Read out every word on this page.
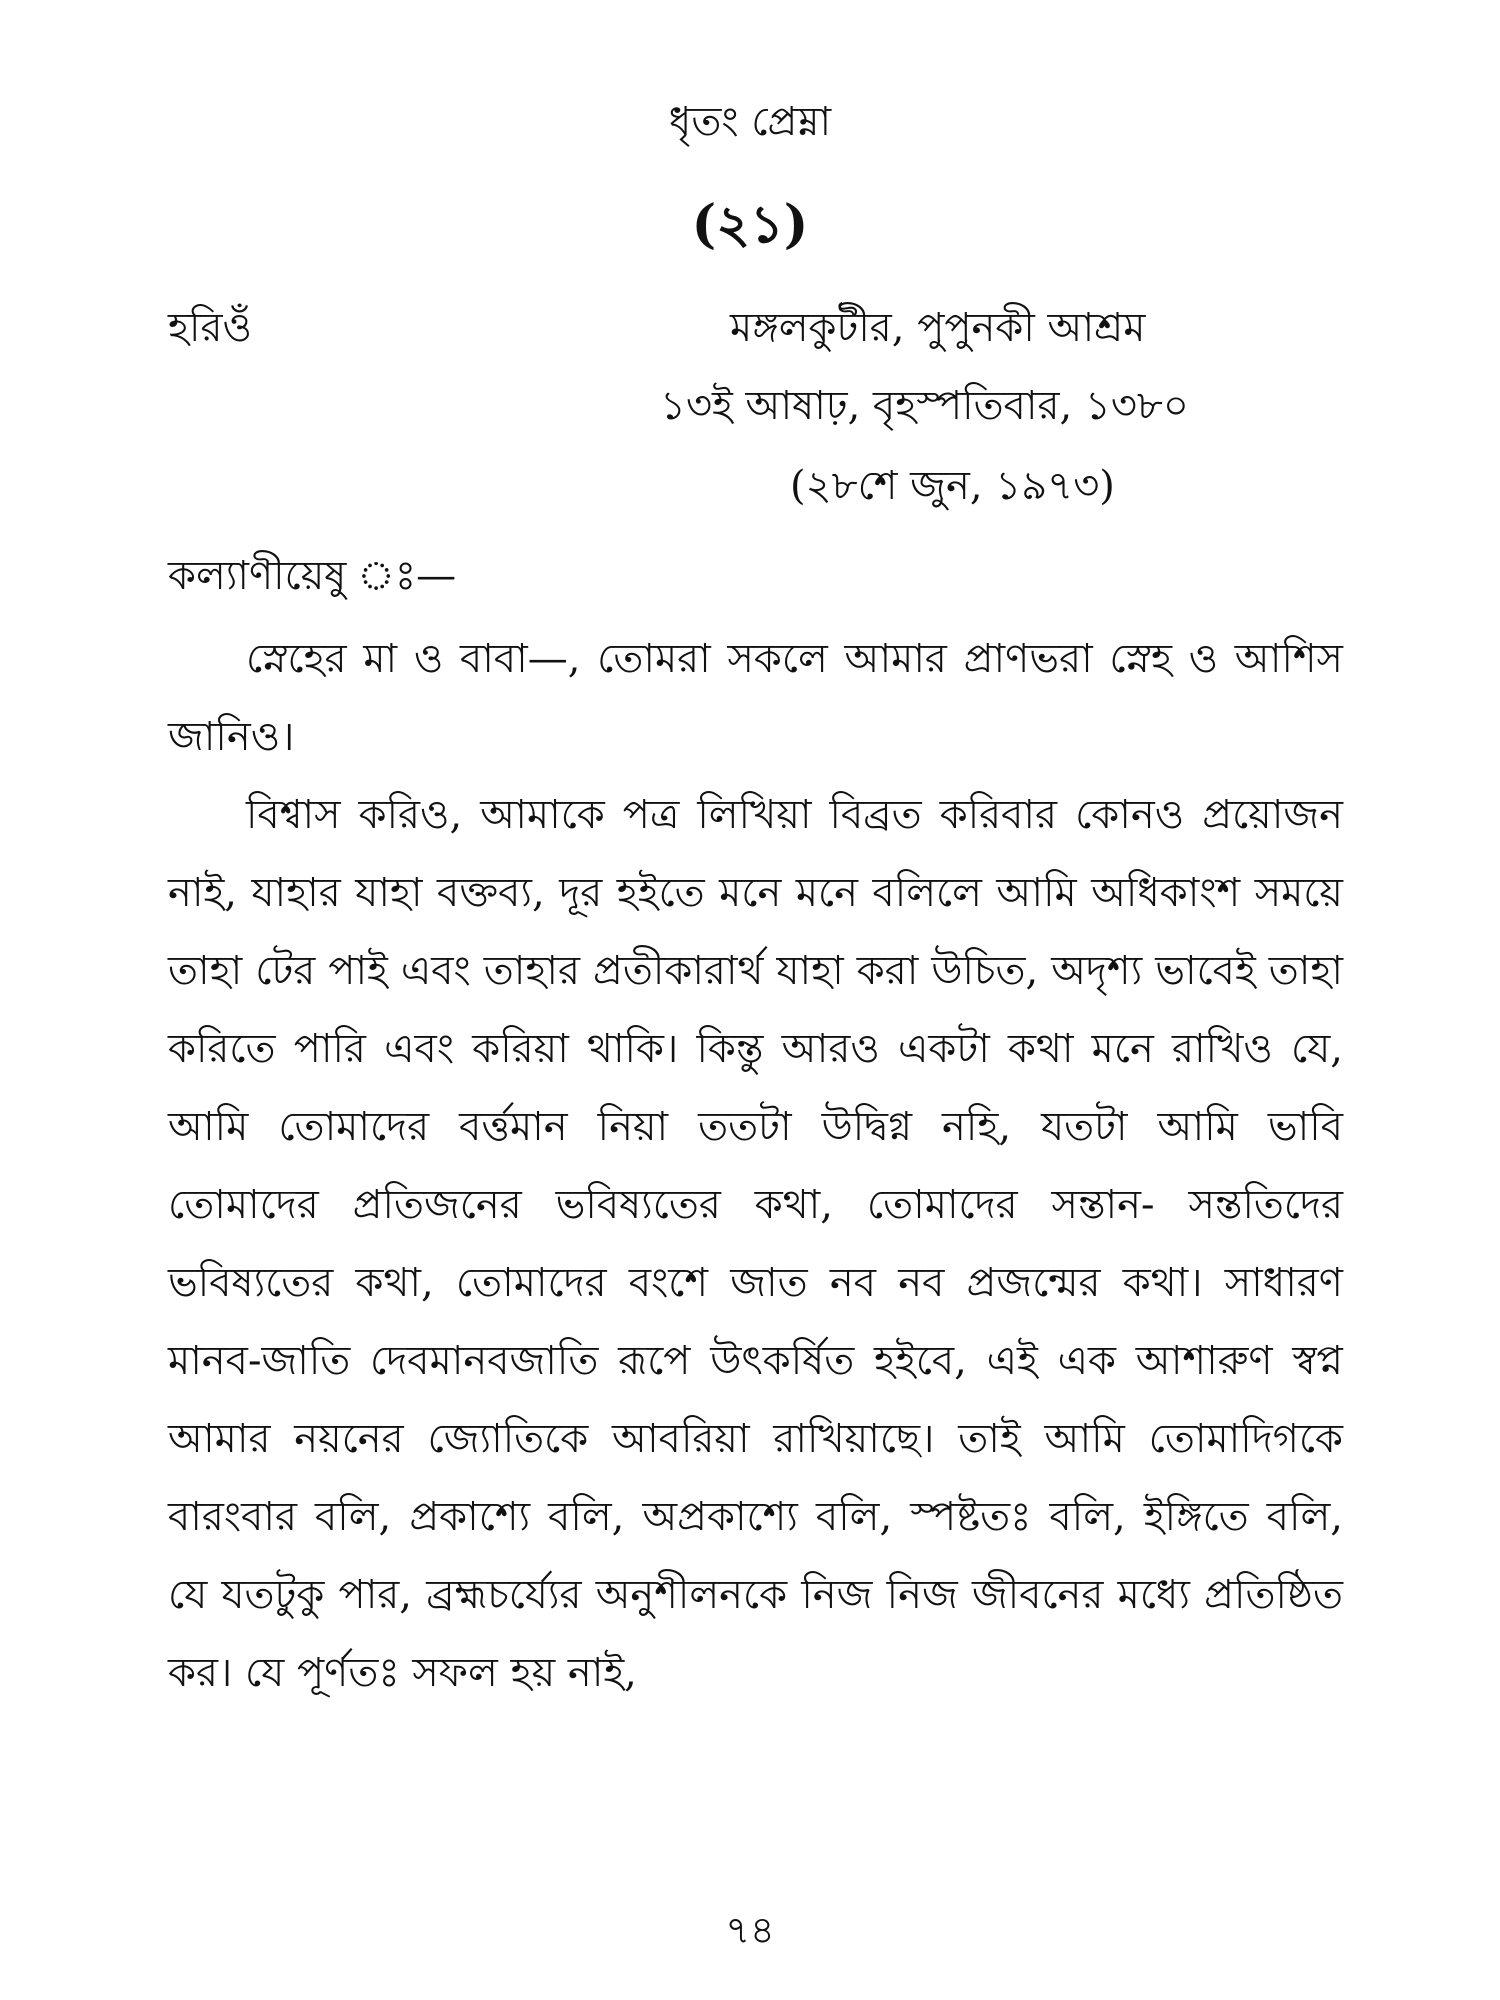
ধৃতং প্রেম্না
(২১)
হরিওঁ	মঙ্গলকুটীর, পুপুনকী আশ্রম
১৩ই আষাঢ়, বৃহস্পতিবার, ১৩৮০
(২৮শে জুন, ১৯৭৩)
কল্যাণীয়েষু ঃ—

স্নেহের মা ও বাবা—, তোমরা সকলে আমার প্রাণভরা স্নেহ ও আশিস জানিও।

বিশ্বাস করিও, আমাকে পত্র লিখিয়া বিব্রত করিবার কোনও প্রয়োজন নাই, যাহার যাহা বক্তব্য, দূর হইতে মনে মনে বলিলে আমি অধিকাংশ সময়ে তাহা টের পাই এবং তাহার প্রতীকারার্থ যাহা করা উচিত, অদৃশ্য ভাবেই তাহা করিতে পারি এবং করিয়া থাকি। কিন্তু আরও একটা কথা মনে রাখিও যে, আমি তোমাদের বর্ত্তমান নিয়া ততটা উদ্বিগ্ন নহি, যতটা আমি ভাবি তোমাদের প্রতিজনের ভবিষ্যতের কথা, তোমাদের সন্তান- সন্ততিদের ভবিষ্যতের কথা, তোমাদের বংশে জাত নব নব প্রজন্মের কথা। সাধারণ মানব-জাতি দেবমানবজাতি রূপে উৎকর্ষিত হইবে, এই এক আশারুণ স্বপ্ন আমার নয়নের জ্যোতিকে আবরিয়া রাখিয়াছে। তাই আমি তোমাদিগকে বারংবার বলি, প্রকাশ্যে বলি, অপ্রকাশ্যে বলি, স্পষ্টতঃ বলি, ইঙ্গিতে বলি, যে যতটুকু পার, ব্রহ্মচর্য্যের অনুশীলনকে নিজ নিজ জীবনের মধ্যে প্রতিষ্ঠিত কর। যে পূর্ণতঃ সফল হয় নাই,

৭৪
